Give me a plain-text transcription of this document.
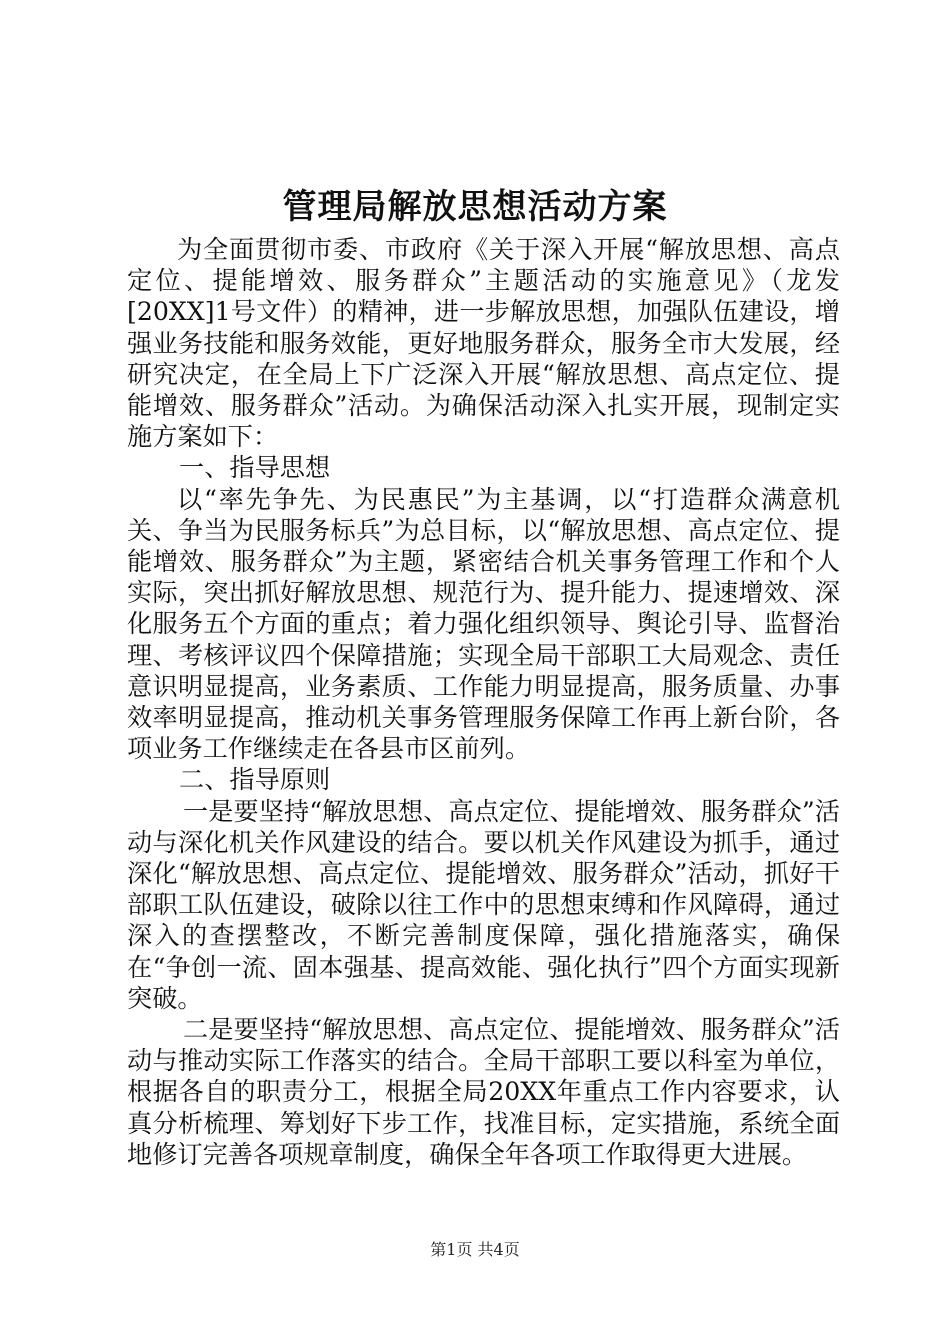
管理局解放思想活动方案

为全面贯彻市委、市政府《关于深入开展“解放思想、高点定位、提能增效、服务群众”主题活动的实施意见》（龙发[20XX]1号文件）的精神，进一步解放思想，加强队伍建设，增强业务技能和服务效能，更好地服务群众，服务全市大发展，经研究决定，在全局上下广泛深入开展“解放思想、高点定位、提能增效、服务群众”活动。为确保活动深入扎实开展，现制定实施方案如下：

一、指导思想

以“率先争先、为民惠民”为主基调，以“打造群众满意机关、争当为民服务标兵”为总目标，以“解放思想、高点定位、提能增效、服务群众”为主题，紧密结合机关事务管理工作和个人实际，突出抓好解放思想、规范行为、提升能力、提速增效、深化服务五个方面的重点；着力强化组织领导、舆论引导、监督治理、考核评议四个保障措施；实现全局干部职工大局观念、责任意识明显提高，业务素质、工作能力明显提高，服务质量、办事效率明显提高，推动机关事务管理服务保障工作再上新台阶，各项业务工作继续走在各县市区前列。

二、指导原则

一是要坚持“解放思想、高点定位、提能增效、服务群众”活动与深化机关作风建设的结合。要以机关作风建设为抓手，通过深化“解放思想、高点定位、提能增效、服务群众”活动，抓好干部职工队伍建设，破除以往工作中的思想束缚和作风障碍，通过深入的查摆整改，不断完善制度保障，强化措施落实，确保在“争创一流、固本强基、提高效能、强化执行”四个方面实现新突破。

二是要坚持“解放思想、高点定位、提能增效、服务群众”活动与推动实际工作落实的结合。全局干部职工要以科室为单位，根据各自的职责分工，根据全局20XX年重点工作内容要求，认真分析梳理、筹划好下步工作，找准目标，定实措施，系统全面地修订完善各项规章制度，确保全年各项工作取得更大进展。

第1页 共4页
